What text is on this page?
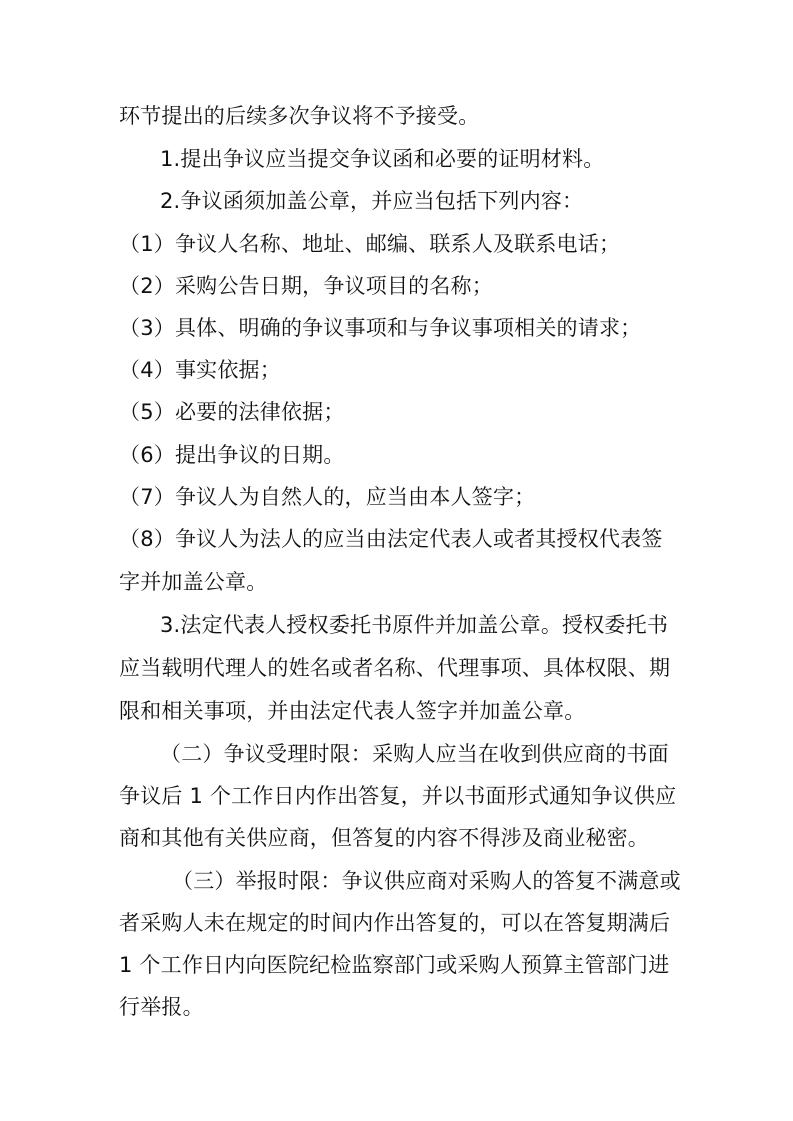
环节提出的后续多次争议将不予接受。
1.提出争议应当提交争议函和必要的证明材料。
2.争议函须加盖公章，并应当包括下列内容：
（1）争议人名称、地址、邮编、联系人及联系电话；
（2）采购公告日期，争议项目的名称；
（3）具体、明确的争议事项和与争议事项相关的请求；
（4）事实依据；
（5）必要的法律依据；
（6）提出争议的日期。
（7）争议人为自然人的，应当由本人签字；
（8）争议人为法人的应当由法定代表人或者其授权代表签
字并加盖公章。
3.法定代表人授权委托书原件并加盖公章。授权委托书
应当载明代理人的姓名或者名称、代理事项、具体权限、期
限和相关事项，并由法定代表人签字并加盖公章。
（二）争议受理时限：采购人应当在收到供应商的书面
争议后 1 个工作日内作出答复，并以书面形式通知争议供应
商和其他有关供应商，但答复的内容不得涉及商业秘密。
（三）举报时限：争议供应商对采购人的答复不满意或
者采购人未在规定的时间内作出答复的，可以在答复期满后
1 个工作日内向医院纪检监察部门或采购人预算主管部门进
行举报。
